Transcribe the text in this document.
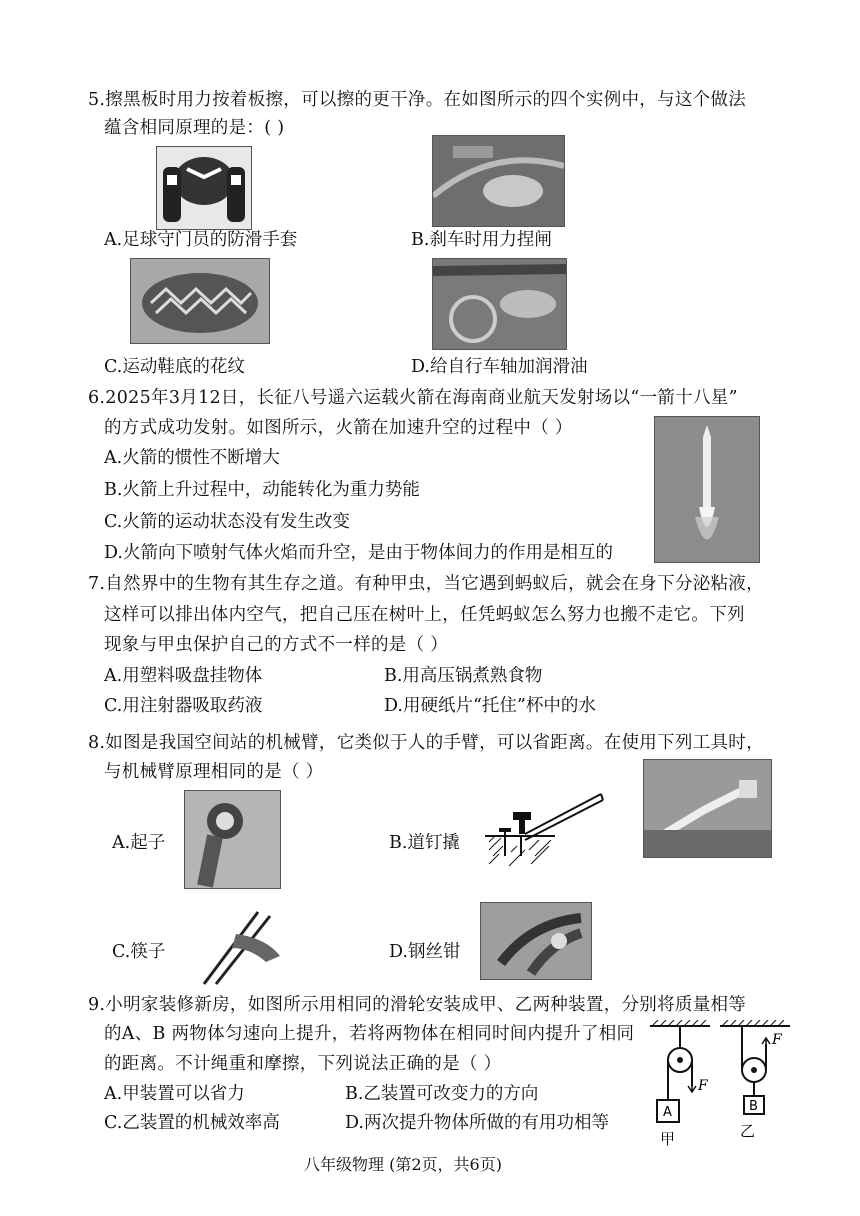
5.擦黑板时用力按着板擦，可以擦的更干净。在如图所示的四个实例中，与这个做法
蕴含相同原理的是：( )
A.足球守门员的防滑手套	B.刹车时用力捏闸
C.运动鞋底的花纹	D.给自行车轴加润滑油
6.2025年3月12日，长征八号遥六运载火箭在海南商业航天发射场以“一箭十八星”
的方式成功发射。如图所示，火箭在加速升空的过程中（ ）
A.火箭的惯性不断增大
B.火箭上升过程中，动能转化为重力势能
C.火箭的运动状态没有发生改变
D.火箭向下喷射气体火焰而升空，是由于物体间力的作用是相互的
7.自然界中的生物有其生存之道。有种甲虫，当它遇到蚂蚁后，就会在身下分泌粘液，
这样可以排出体内空气，把自己压在树叶上，任凭蚂蚁怎么努力也搬不走它。下列
现象与甲虫保护自己的方式不一样的是（ ）
A.用塑料吸盘挂物体	B.用高压锅煮熟食物
C.用注射器吸取药液	D.用硬纸片“托住”杯中的水
8.如图是我国空间站的机械臂，它类似于人的手臂，可以省距离。在使用下列工具时，
与机械臂原理相同的是（ ）
A.起子	B.道钉撬
C.筷子	D.钢丝钳
9.小明家装修新房，如图所示用相同的滑轮安装成甲、乙两种装置，分别将质量相等
的A、B 两物体匀速向上提升，若将两物体在相同时间内提升了相同
的距离。不计绳重和摩擦，下列说法正确的是（ ）
A.甲装置可以省力	B.乙装置可改变力的方向
C.乙装置的机械效率高	D.两次提升物体所做的有用功相等
F
A
甲
F
B
乙
八年级物理 (第2页，共6页)
